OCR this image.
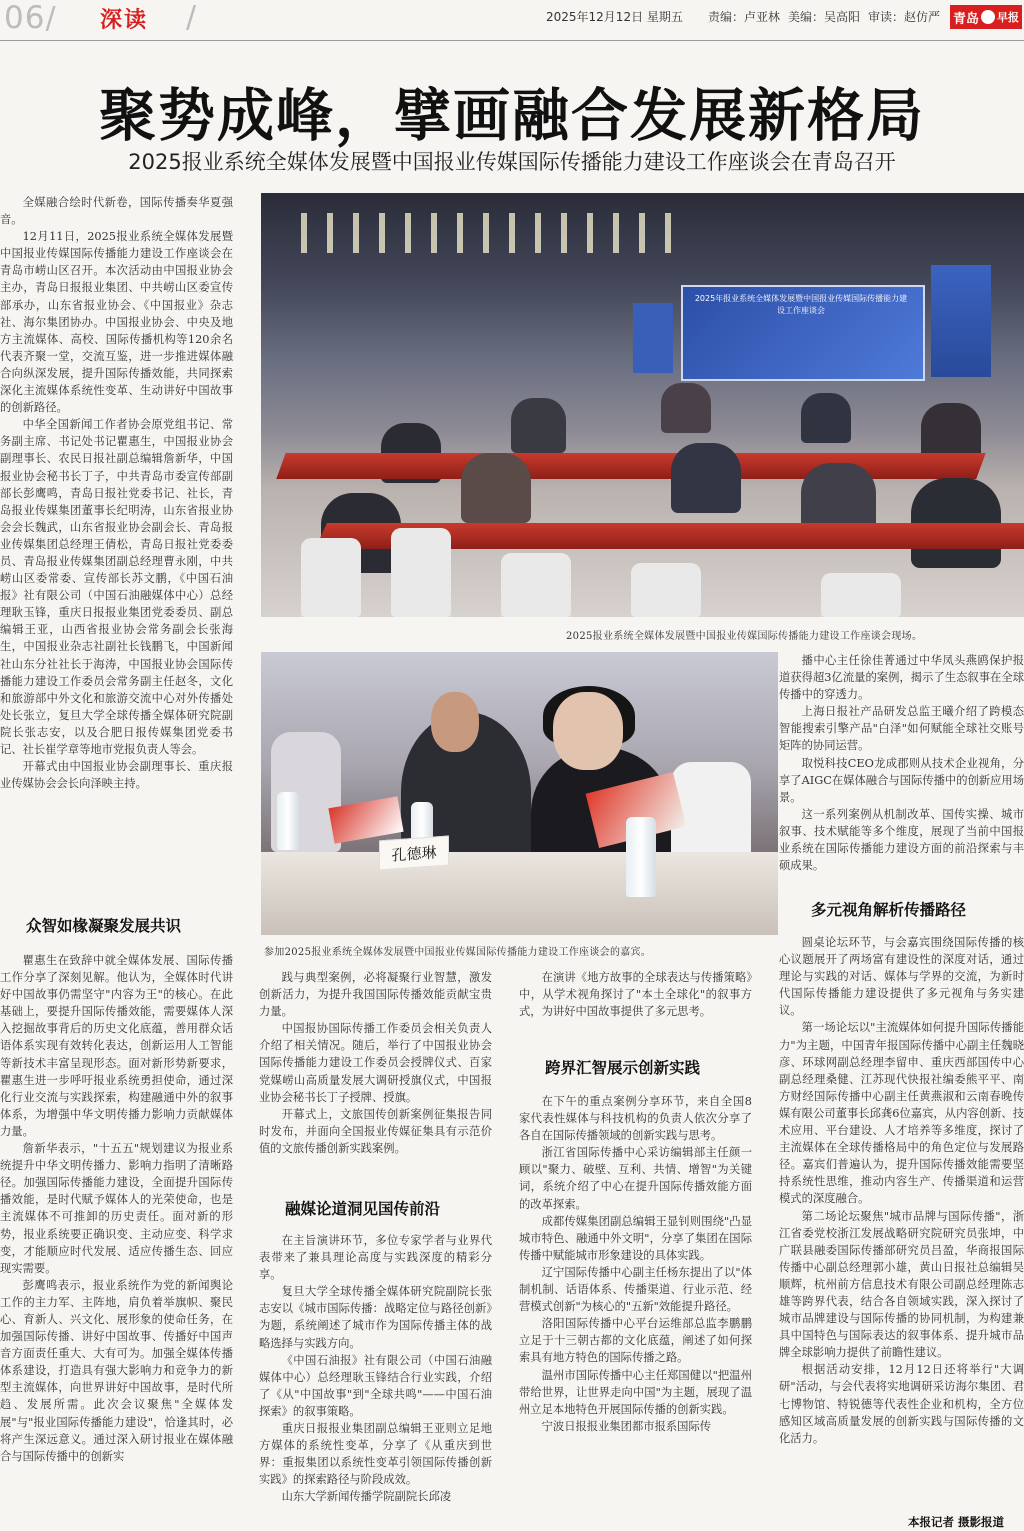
06/ 深读 /	2025年12月12日 星期五 责编：卢亚林 美编：吴高阳 审读：赵仿严 青岛 早报
聚势成峰，擘画融合发展新格局
2025报业系统全媒体发展暨中国报业传媒国际传播能力建设工作座谈会在青岛召开
2025年报业系统全媒体发展暨中国报业传媒国际传播能力建设工作座谈会
2025报业系统全媒体发展暨中国报业传媒国际传播能力建设工作座谈会现场。
孔德琳
参加2025报业系统全媒体发展暨中国报业传媒国际传播能力建设工作座谈会的嘉宾。

全媒融合绘时代新卷，国际传播奏华夏强音。

12月11日，2025报业系统全媒体发展暨中国报业传媒国际传播能力建设工作座谈会在青岛市崂山区召开。本次活动由中国报业协会主办，青岛日报报业集团、中共崂山区委宣传部承办，山东省报业协会、《中国报业》杂志社、海尔集团协办。中国报业协会、中央及地方主流媒体、高校、国际传播机构等120余名代表齐聚一堂，交流互鉴，进一步推进媒体融合向纵深发展，提升国际传播效能，共同探索深化主流媒体系统性变革、生动讲好中国故事的创新路径。

中华全国新闻工作者协会原党组书记、常务副主席、书记处书记瞿惠生，中国报业协会副理事长、农民日报社副总编辑詹新华，中国报业协会秘书长丁子，中共青岛市委宣传部副部长彭鹰鸣，青岛日报社党委书记、社长，青岛报业传媒集团董事长纪明涛，山东省报业协会会长魏武，山东省报业协会副会长、青岛报业传媒集团总经理王倩松，青岛日报社党委委员、青岛报业传媒集团副总经理曹永刚，中共崂山区委常委、宣传部长苏文鹏，《中国石油报》社有限公司（中国石油融媒体中心）总经理耿玉锋，重庆日报报业集团党委委员、副总编辑王亚，山西省报业协会常务副会长张海生，中国报业杂志社副社长钱鹏飞，中国新闻社山东分社社长于海涛，中国报业协会国际传播能力建设工作委员会常务副主任赵冬，文化和旅游部中外文化和旅游交流中心对外传播处处长张立，复旦大学全球传播全媒体研究院副院长张志安，以及合肥日报传媒集团党委书记、社长崔学章等地市党报负责人等会。

开幕式由中国报业协会副理事长、重庆报业传媒协会会长向泽映主持。

众智如椽凝聚发展共识

瞿惠生在致辞中就全媒体发展、国际传播工作分享了深刻见解。他认为，全媒体时代讲好中国故事仍需坚守"内容为王"的核心。在此基础上，要提升国际传播效能，需要媒体人深入挖掘故事背后的历史文化底蕴，善用群众话语体系实现有效转化表达，创新运用人工智能等新技术丰富呈现形态。面对新形势新要求，瞿惠生进一步呼吁报业系统勇担使命，通过深化行业交流与实践探索，构建融通中外的叙事体系，为增强中华文明传播力影响力贡献媒体力量。

詹新华表示，"十五五"规划建议为报业系统提升中华文明传播力、影响力指明了清晰路径。加强国际传播能力建设，全面提升国际传播效能，是时代赋予媒体人的光荣使命，也是主流媒体不可推卸的历史责任。面对新的形势，报业系统要正确识变、主动应变、科学求变，才能顺应时代发展、适应传播生态、回应现实需要。

彭鹰鸣表示，报业系统作为党的新闻舆论工作的主力军、主阵地，肩负着举旗帜、聚民心、育新人、兴文化、展形象的使命任务，在加强国际传播、讲好中国故事、传播好中国声音方面责任重大、大有可为。加强全媒体传播体系建设，打造具有强大影响力和竞争力的新型主流媒体，向世界讲好中国故事，是时代所趋、发展所需。此次会议聚焦"全媒体发展"与"报业国际传播能力建设"，恰逢其时，必将产生深远意义。通过深入研讨报业在媒体融合与国际传播中的创新实

践与典型案例，必将凝聚行业智慧，激发创新活力，为提升我国国际传播效能贡献宝贵力量。

中国报协国际传播工作委员会相关负责人介绍了相关情况。随后，举行了中国报业协会国际传播能力建设工作委员会授牌仪式、百家党媒崂山高质量发展大调研授旗仪式，中国报业协会秘书长丁子授牌、授旗。

开幕式上，文旅国传创新案例征集报告同时发布，并面向全国报业传媒征集具有示范价值的文旅传播创新实践案例。

融媒论道洞见国传前沿

在主旨演讲环节，多位专家学者与业界代表带来了兼具理论高度与实践深度的精彩分享。

复旦大学全球传播全媒体研究院副院长张志安以《城市国际传播：战略定位与路径创新》为题，系统阐述了城市作为国际传播主体的战略选择与实践方向。

《中国石油报》社有限公司（中国石油融媒体中心）总经理耿玉锋结合行业实践，介绍了《从"中国故事"到"全球共鸣"——中国石油探索》的叙事策略。

重庆日报报业集团副总编辑王亚则立足地方媒体的系统性变革，分享了《从重庆到世界：重报集团以系统性变革引领国际传播创新实践》的探索路径与阶段成效。

山东大学新闻传播学院副院长邱凌

在演讲《地方故事的全球表达与传播策略》中，从学术视角探讨了"本土全球化"的叙事方式，为讲好中国故事提供了多元思考。

跨界汇智展示创新实践

在下午的重点案例分享环节，来自全国8家代表性媒体与科技机构的负责人依次分享了各自在国际传播领域的创新实践与思考。

浙江省国际传播中心采访编辑部主任颜一顾以"聚力、破壁、互利、共情、增智"为关键词，系统介绍了中心在提升国际传播效能方面的改革探索。

成都传媒集团副总编辑王显钊则围绕"凸显城市特色、融通中外文明"，分享了集团在国际传播中赋能城市形象建设的具体实践。

辽宁国际传播中心副主任杨东提出了以"体制机制、话语体系、传播渠道、行业示范、经营模式创新"为核心的"五新"效能提升路径。

洛阳国际传播中心平台运维部总监李鹏鹏立足于十三朝古都的文化底蕴，阐述了如何探索具有地方特色的国际传播之路。

温州市国际传播中心主任郑国健以"把温州带给世界，让世界走向中国"为主题，展现了温州立足本地特色开展国际传播的创新实践。

宁波日报报业集团都市报系国际传

播中心主任徐佳菁通过中华凤头燕鸥保护报道获得超3亿流量的案例，揭示了生态叙事在全球传播中的穿透力。

上海日报社产品研发总监王曦介绍了跨模态智能搜索引擎产品"白泽"如何赋能全球社交账号矩阵的协同运营。

取悦科技CEO龙成郡则从技术企业视角，分享了AIGC在媒体融合与国际传播中的创新应用场景。

这一系列案例从机制改革、国传实操、城市叙事、技术赋能等多个维度，展现了当前中国报业系统在国际传播能力建设方面的前沿探索与丰硕成果。

多元视角解析传播路径

圆桌论坛环节，与会嘉宾围绕国际传播的核心议题展开了两场富有建设性的深度对话，通过理论与实践的对话、媒体与学界的交流，为新时代国际传播能力建设提供了多元视角与务实建议。

第一场论坛以"主流媒体如何提升国际传播能力"为主题，中国青年报国际传播中心副主任魏晓彦、环球网副总经理李留申、重庆西部国传中心副总经理桑健、江苏现代快报社编委熊平平、南方财经国际传播中心副主任黄燕淑和云南春晚传媒有限公司董事长邱龚6位嘉宾，从内容创新、技术应用、平台建设、人才培养等多维度，探讨了主流媒体在全球传播格局中的角色定位与发展路径。嘉宾们普遍认为，提升国际传播效能需要坚持系统性思维，推动内容生产、传播渠道和运营模式的深度融合。

第二场论坛聚焦"城市品牌与国际传播"，浙江省委党校浙江发展战略研究院研究员张坤，中广联县融委国际传播部研究员吕盈，华商报国际传播中心副总经理郭小雄，黄山日报社总编辑吴顺辉，杭州前方信息技术有限公司副总经理陈志雄等跨界代表，结合各自领域实践，深入探讨了城市品牌建设与国际传播的协同机制，为构建兼具中国特色与国际表达的叙事体系、提升城市品牌全球影响力提供了前瞻性建议。

根据活动安排，12月12日还将举行"大调研"活动，与会代表将实地调研采访海尔集团、君七博物馆、特锐德等代表性企业和机构，全方位感知区域高质量发展的创新实践与国际传播的文化活力。

本报记者 摄影报道
